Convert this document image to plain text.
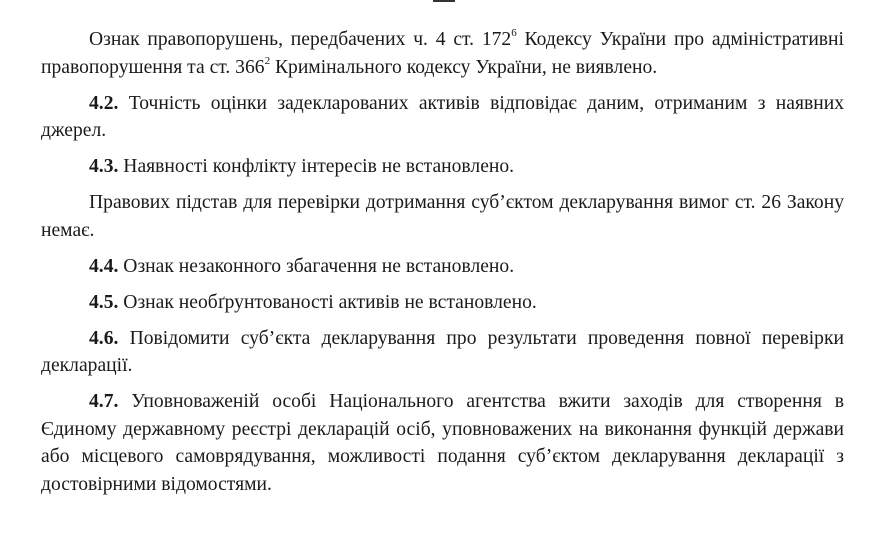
Ознак правопорушень, передбачених ч. 4 ст. $172^6$ Кодексу України про адміністративні правопорушення та ст. $366^2$ Кримінального кодексу України, не виявлено.

4.2. Точність оцінки задекларованих активів відповідає даним, отриманим з наявних джерел.

4.3. Наявності конфлікту інтересів не встановлено.

Правових підстав для перевірки дотримання суб’єктом декларування вимог ст. 26 Закону немає.

4.4. Ознак незаконного збагачення не встановлено.

4.5. Ознак необґрунтованості активів не встановлено.

4.6. Повідомити суб’єкта декларування про результати проведення повної перевірки декларації.

4.7. Уповноваженій особі Національного агентства вжити заходів для створення в Єдиному державному реєстрі декларацій осіб, уповноважених на виконання функцій держави або місцевого самоврядування, можливості подання суб’єктом декларування декларації з достовірними відомостями.
